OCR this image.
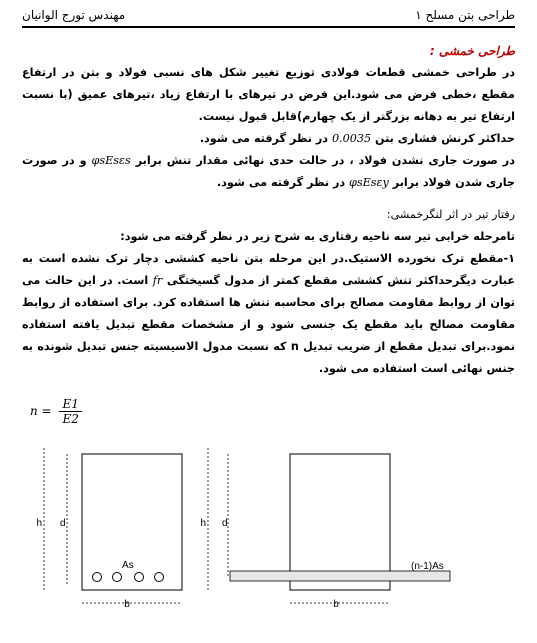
طراحی بتن مسلح ۱
مهندس تورج الوانیان
طراحی خمشی :

در طراحی خمشی قطعات فولادی توزیع تغییر شکل های نسبی فولاد و بتن در ارتفاع مقطع ،خطی فرض می شود.این فرض در تیرهای با ارتفاع زیاد ،تیرهای عمیق (با نسبت ارتفاع تیر به دهانه بزرگتر از یک چهارم)قابل قبول نیست.

حداکثر کرنش فشاری بتن 0.0035 در نظر گرفته می شود.

در صورت جاری نشدن فولاد ، در حالت حدی نهائی مقدار تنش برابر φsEsεs و در صورت جاری شدن فولاد برابر φsEsεy در نظر گرفته می شود.

رفتار تیر در اثر لنگرخمشی:

تامرحله خرابی تیر سه ناحیه رفتاری به شرح زیر در نظر گرفته می شود:

۱-مقطع ترک نخورده الاستیک.در این مرحله بتن ناحیه کششی دچار ترک نشده است به عبارت دیگرحداکثر تنش کششی مقطع کمتر از مدول گسیختگی fr است. در این حالت می توان از روابط مقاومت مصالح برای محاسبه تنش ها استفاده کرد. برای استفاده از روابط مقاومت مصالح باید مقطع یک جنسی شود و از مشخصات مقطع تبدیل یافته استفاده نمود.برای تبدیل مقطع از ضریب تبدیل n که نسبت مدول الاسیسیته جنس تبدیل شونده به جنس نهائی است استفاده می شود.

$n = \frac{E1}{E2}$
h d
As
b
h d
(n-1)As
b
